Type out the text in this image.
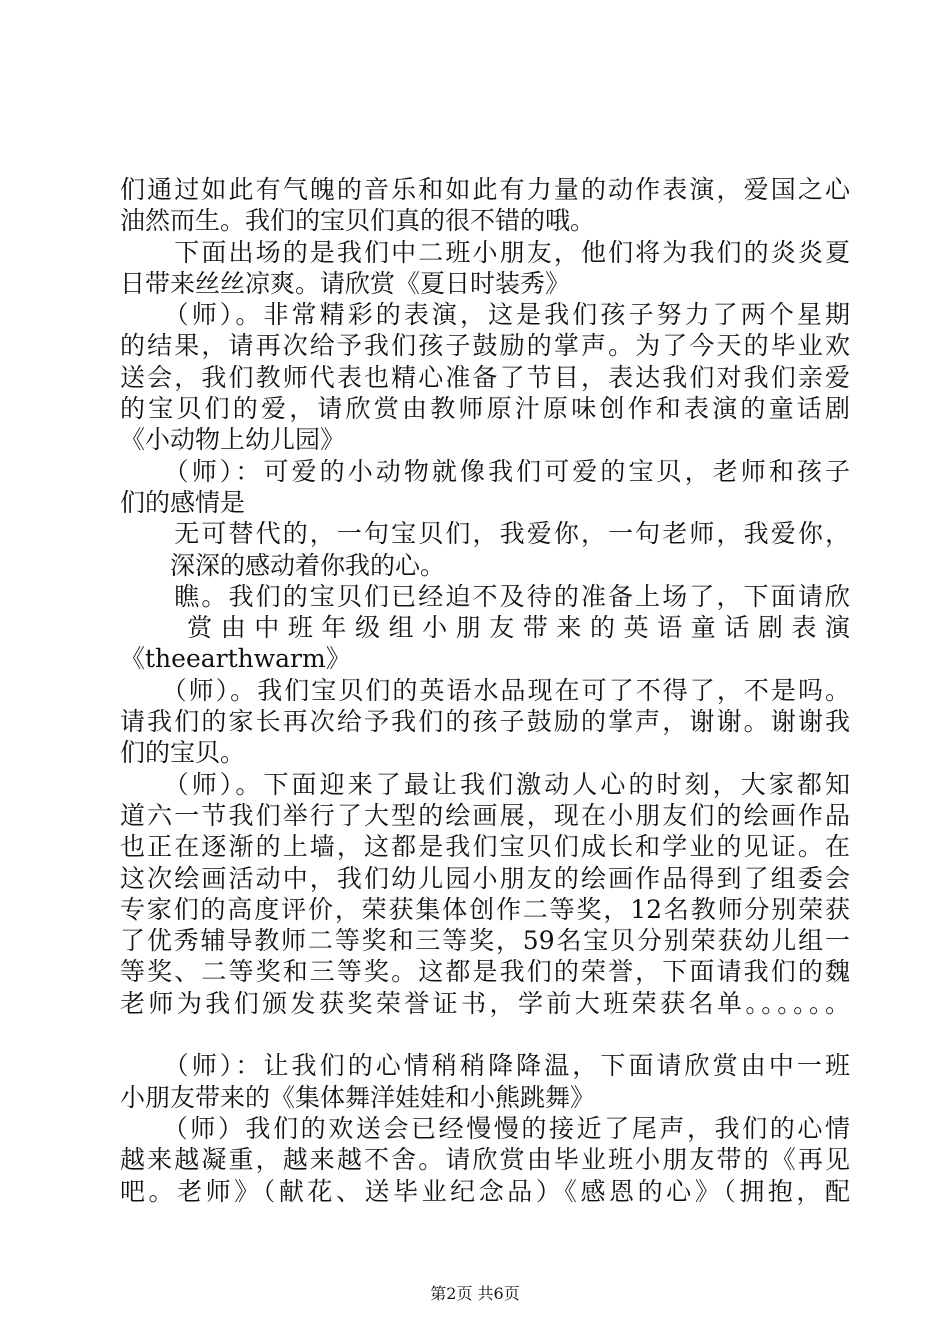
们通过如此有气魄的音乐和如此有力量的动作表演，爱国之心
油然而生。我们的宝贝们真的很不错的哦。
　　下面出场的是我们中二班小朋友，他们将为我们的炎炎夏
日带来丝丝凉爽。请欣赏《夏日时装秀》
　　（师）。非常精彩的表演，这是我们孩子努力了两个星期
的结果，请再次给予我们孩子鼓励的掌声。为了今天的毕业欢
送会，我们教师代表也精心准备了节目，表达我们对我们亲爱
的宝贝们的爱，请欣赏由教师原汁原味创作和表演的童话剧
《小动物上幼儿园》
　　（师）：可爱的小动物就像我们可爱的宝贝，老师和孩子
们的感情是
　　无可替代的，一句宝贝们，我爱你，一句老师，我爱你，
　　深深的感动着你我的心。
　　瞧。我们的宝贝们已经迫不及待的准备上场了，下面请欣
　　赏由中班年级组小朋友带来的英语童话剧表演
《theearthwarm》
　　（师）。我们宝贝们的英语水品现在可了不得了，不是吗。
请我们的家长再次给予我们的孩子鼓励的掌声，谢谢。谢谢我
们的宝贝。
　　（师）。下面迎来了最让我们激动人心的时刻，大家都知
道六一节我们举行了大型的绘画展，现在小朋友们的绘画作品
也正在逐渐的上墙，这都是我们宝贝们成长和学业的见证。在
这次绘画活动中，我们幼儿园小朋友的绘画作品得到了组委会
专家们的高度评价，荣获集体创作二等奖，12名教师分别荣获
了优秀辅导教师二等奖和三等奖，59名宝贝分别荣获幼儿组一
等奖、二等奖和三等奖。这都是我们的荣誉，下面请我们的魏
老师为我们颁发获奖荣誉证书，学前大班荣获名单。。。。。。
　　（师）：让我们的心情稍稍降降温，下面请欣赏由中一班
小朋友带来的《集体舞洋娃娃和小熊跳舞》
　　（师）我们的欢送会已经慢慢的接近了尾声，我们的心情
越来越凝重，越来越不舍。请欣赏由毕业班小朋友带的《再见
吧。老师》（献花、送毕业纪念品）《感恩的心》（拥抱，配
第2页 共6页
